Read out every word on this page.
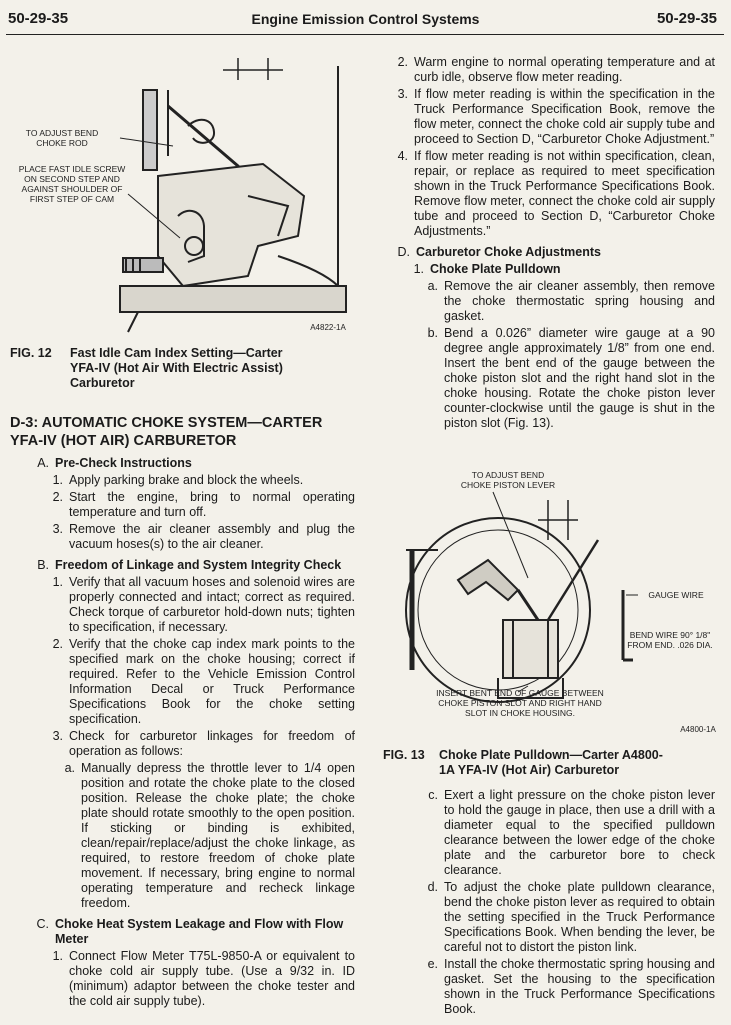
50-29-35	Engine Emission Control Systems	50-29-35
TO ADJUST BEND
CHOKE ROD
PLACE FAST IDLE SCREW
ON SECOND STEP AND
AGAINST SHOULDER OF
FIRST STEP OF CAM
A4822-1A
FIG. 12	Fast Idle Cam Index Setting—Carter
YFA-IV (Hot Air With Electric Assist)
Carburetor
D-3: AUTOMATIC CHOKE SYSTEM—CARTER
YFA-IV (HOT AIR) CARBURETOR
A. Pre-Check Instructions
1. Apply parking brake and block the wheels.
2. Start the engine, bring to normal operating temperature and turn off.
3. Remove the air cleaner assembly and plug the vacuum hoses(s) to the air cleaner.
B. Freedom of Linkage and System Integrity Check
1. Verify that all vacuum hoses and solenoid wires are properly connected and intact; correct as required. Check torque of carburetor hold-down nuts; tighten to specification, if necessary.
2. Verify that the choke cap index mark points to the specified mark on the choke housing; correct if required. Refer to the Vehicle Emission Control Information Decal or Truck Performance Specifications Book for the choke setting specification.
3. Check for carburetor linkages for freedom of operation as follows:
a. Manually depress the throttle lever to 1/4 open position and rotate the choke plate to the closed position. Release the choke plate; the choke plate should rotate smoothly to the open position. If sticking or binding is exhibited, clean/repair/replace/adjust the choke linkage, as required, to restore freedom of choke plate movement. If necessary, bring engine to normal operating temperature and recheck linkage freedom.
C. Choke Heat System Leakage and Flow with Flow Meter
1. Connect Flow Meter T75L-9850-A or equivalent to choke cold air supply tube. (Use a 9/32 in. ID (minimum) adaptor between the choke tester and the cold air supply tube).
2. Warm engine to normal operating temperature and at curb idle, observe flow meter reading.
3. If flow meter reading is within the specification in the Truck Performance Specification Book, remove the flow meter, connect the choke cold air supply tube and proceed to Section D, “Carburetor Choke Adjustment.”
4. If flow meter reading is not within specification, clean, repair, or replace as required to meet specification shown in the Truck Performance Specifications Book. Remove flow meter, connect the choke cold air supply tube and proceed to Section D, “Carburetor Choke Adjustments.”
D. Carburetor Choke Adjustments
1. Choke Plate Pulldown
a. Remove the air cleaner assembly, then remove the choke thermostatic spring housing and gasket.
b. Bend a 0.026” diameter wire gauge at a 90 degree angle approximately 1/8” from one end. Insert the bent end of the gauge between the choke piston slot and the right hand slot in the choke housing. Rotate the choke piston lever counter-clockwise until the gauge is shut in the piston slot (Fig. 13).
TO ADJUST BEND
CHOKE PISTON LEVER
GAUGE WIRE
BEND WIRE 90° 1/8"
FROM END. .026 DIA.
INSERT BENT END OF GAUGE BETWEEN
CHOKE PISTON SLOT AND RIGHT HAND
SLOT IN CHOKE HOUSING.
A4800-1A
FIG. 13	Choke Plate Pulldown—Carter A4800-
1A YFA-IV (Hot Air) Carburetor
c. Exert a light pressure on the choke piston lever to hold the gauge in place, then use a drill with a diameter equal to the specified pulldown clearance between the lower edge of the choke plate and the carburetor bore to check clearance.
d. To adjust the choke plate pulldown clearance, bend the choke piston lever as required to obtain the setting specified in the Truck Performance Specifications Book. When bending the lever, be careful not to distort the piston link.
e. Install the choke thermostatic spring housing and gasket. Set the housing to the specification shown in the Truck Performance Specifications Book.
